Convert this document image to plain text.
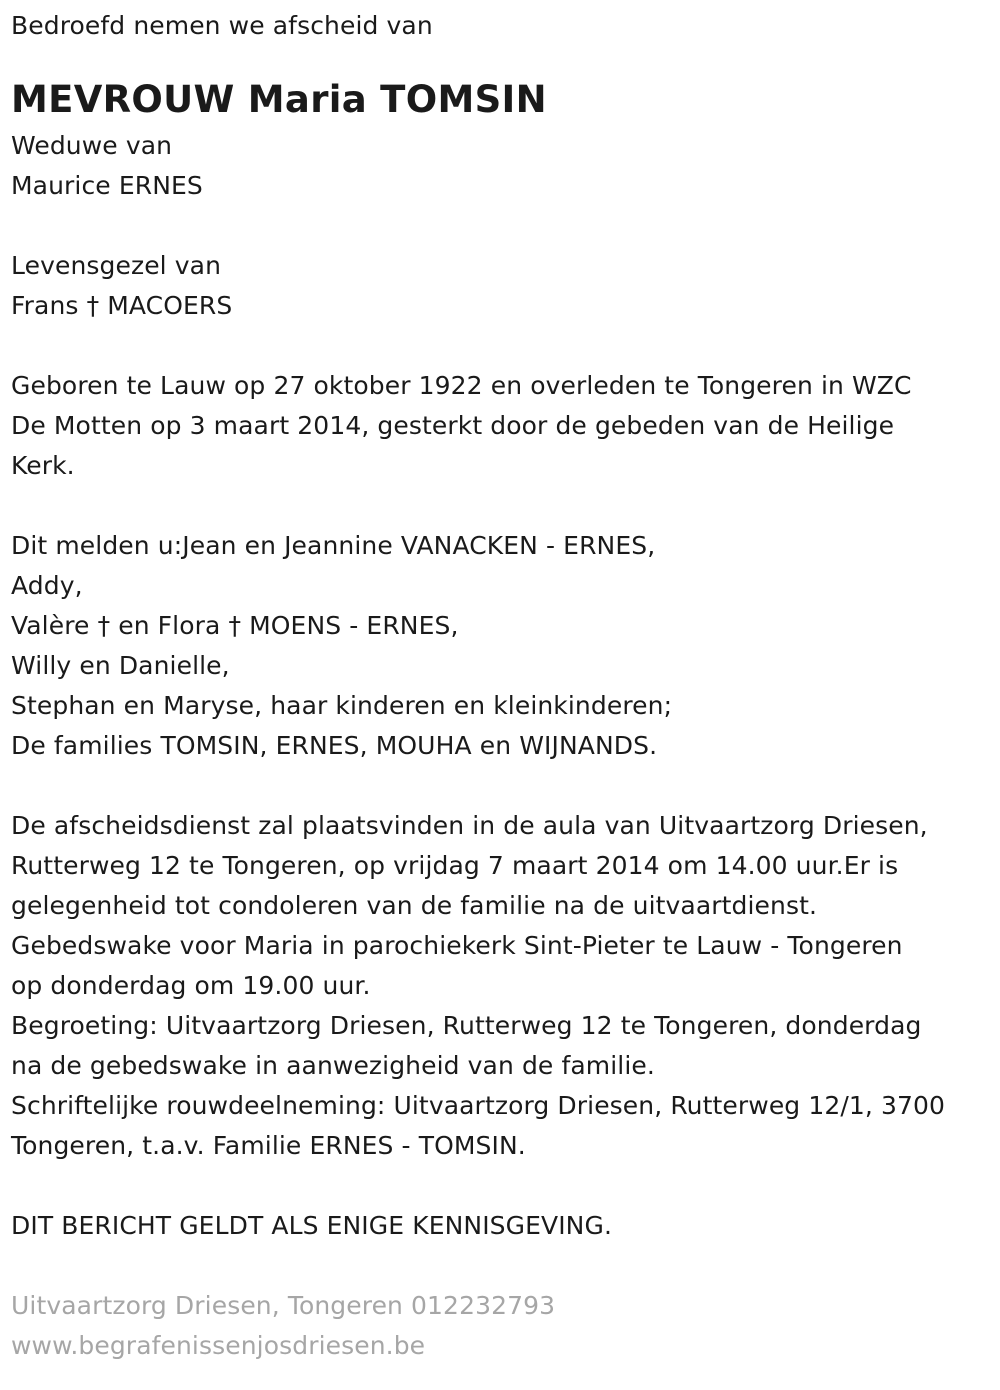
Bedroefd nemen we afscheid van
MEVROUW Maria TOMSIN
Weduwe van
Maurice ERNES
Levensgezel van
Frans † MACOERS
Geboren te Lauw op 27 oktober 1922 en overleden te Tongeren in WZC
De Motten op 3 maart 2014, gesterkt door de gebeden van de Heilige
Kerk.
Dit melden u:Jean en Jeannine VANACKEN - ERNES,
Addy,
Valère † en Flora † MOENS - ERNES,
Willy en Danielle,
Stephan en Maryse, haar kinderen en kleinkinderen;
De families TOMSIN, ERNES, MOUHA en WIJNANDS.
De afscheidsdienst zal plaatsvinden in de aula van Uitvaartzorg Driesen,
Rutterweg 12 te Tongeren, op vrijdag 7 maart 2014 om 14.00 uur.Er is
gelegenheid tot condoleren van de familie na de uitvaartdienst.
Gebedswake voor Maria in parochiekerk Sint-Pieter te Lauw - Tongeren
op donderdag om 19.00 uur.
Begroeting: Uitvaartzorg Driesen, Rutterweg 12 te Tongeren, donderdag
na de gebedswake in aanwezigheid van de familie.
Schriftelijke rouwdeelneming: Uitvaartzorg Driesen, Rutterweg 12/1, 3700
Tongeren, t.a.v. Familie ERNES - TOMSIN.
DIT BERICHT GELDT ALS ENIGE KENNISGEVING.
Uitvaartzorg Driesen, Tongeren 012232793
www.begrafenissenjosdriesen.be
